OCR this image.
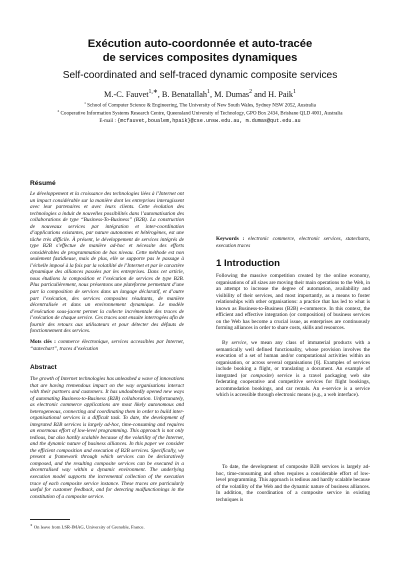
Exécution auto-coordonnée et auto-tracée
de services composites dynamiques
Self-coordinated and self-traced dynamic composite services
M.-C. Fauvet$^{1,∗}$, B. Benatallah$^1$, M. Dumas$^2$ and H. Paik$^1$
$^1$ School of Computer Science & Engineering, The University of New South Wales, Sydney NSW 2052, Australia
$^2$ Cooperative Information Systems Research Centre, Queensland University of Technology, GPO Box 2434, Brisbane QLD 4001, Australia
E-mail : {mcfauvet,boualem,hpaik}@cse.unsw.edu.au, m.dumas@qut.edu.au
Résumé
Le développement et la croissance des technologies liées à l’Internet ont un impact considérable sur la manière dont les entreprises interagissent avec leur partenaires et avec leurs clients. Cette évolution des technologies a induit de nouvelles possibilités dans l’automatisation des collaborations de type “Business-To-Business” (B2B). La construction de nouveaux services par intégration et inter-coordination d’applications existantes, par nature autonomes et hétérogènes, est une tâche très difficile. À présent, le développement de services intégrés de type B2B s’effectue de manière ad-hoc et nécessite des efforts considérables de programmation de bas niveau. Cette méthode est non seulement fastidieuse, mais de plus, elle se supporte pas le passage à l’échelle imposé à la fois par la volatilité de l’Internet et par le caractère dynamique des alliances passées par les entreprises. Dans cet article, nous étudions la composition et l’exécution de services de type B2B. Plus particulièrement, nous présentons une plateforme permettant d’une part la composition de services dans un langage déclaratif, et d’autre part l’exécution, des services composites résultants, de manière décentralisée et dans un environnement dynamique. Le modèle d’exécution sous-jacent permet la collecte incrémentale des traces de l’exécution de chaque service. Ces traces sont ensuite interrogées afin de fournir des retours aux utilisateurs et pour détecter des défauts de fonctionnement des services.
Mots clés : commerce électronique, services accessibles par Internet, “statechart”, traces d’exécution
Abstract
The growth of Internet technologies has unleashed a wave of innovations that are having tremendous impact on the way organisations interact with their partners and customers. It has undoubtedly opened new ways of automating Business-to-Business (B2B) collaboration. Unfortunately, as electronic commerce applications are most likely autonomous and heterogeneous, connecting and coordinating them in order to build inter-organisational services is a difficult task. To date, the development of integrated B2B services is largely ad-hoc, time-consuming and requires an enormous effort of low-level programming. This approach is not only tedious, but also hardly scalable because of the volatility of the Internet, and the dynamic nature of business alliances. In this paper we consider the efficient composition and execution of B2B services. Specifically, we present a framework through which services can be declaratively composed, and the resulting composite services can be executed in a decentralised way within a dynamic environment. The underlying execution model supports the incremental collection of the execution trace of each composite service instance. These traces are particularly useful for customer feedback, and for detecting malfunctionings in the constitution of a composite service.
∗ On leave from LSR-IMAG, University of Grenoble, France.
Keywords : electronic commerce, electronic services, statecharts, execution traces
1 Introduction
Following the massive competition created by the online economy, organisations of all sizes are moving their main operations to the Web, in an attempt to increase the degree of automation, availability and visibility of their services, and most importantly, as a means to foster relationships with other organisations: a practice that has led to what is known as Business-to-Business (B2B) e-commerce. In this context, the efficient and effective integration (or composition) of business services on the Web has become a crucial issue, as enterprises are continuously forming alliances in order to share costs, skills and resources.
By service, we mean any class of immaterial products with a semantically well defined functionality, whose provision involves the execution of a set of human and/or computational activities within an organisation, or across several organisations [6]. Examples of services include booking a flight, or translating a document. An example of integrated (or composite) service is a travel packaging web site federating cooperative and competitive services for flight bookings, accommodation bookings, and car rentals. An e-service is a service which is accessible through electronic means (e.g., a web interface).
To date, the development of composite B2B services is largely ad-hoc, time-consuming and often requires a considerable effort of low-level programming. This approach is tedious and hardly scalable because of the volatility of the Web and the dynamic nature of business alliances. In addition, the coordination of a composite service in existing techniques is
